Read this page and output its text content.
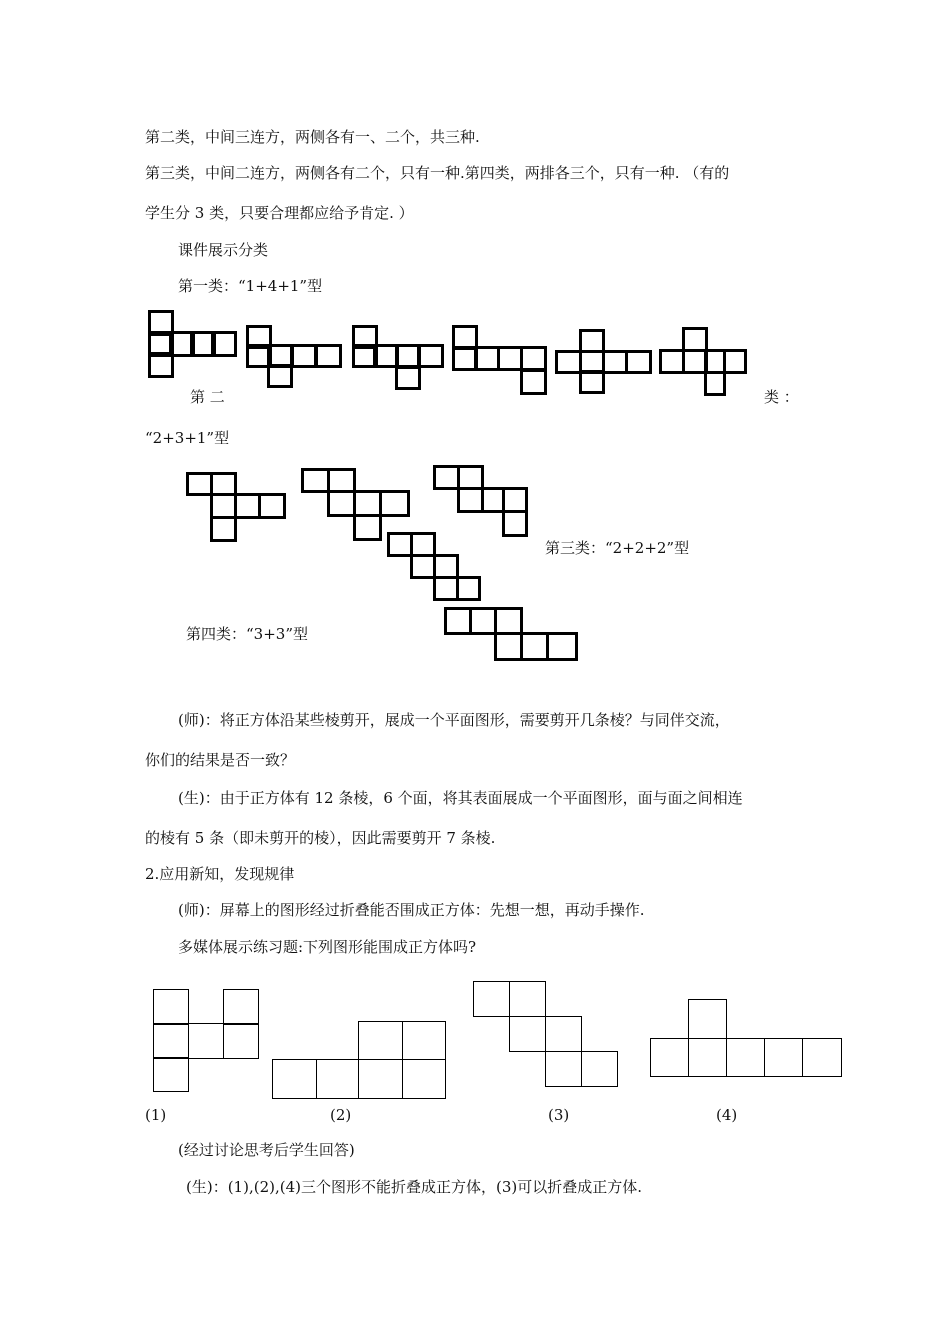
第二类，中间三连方，两侧各有一、二个，共三种.
第三类，中间二连方，两侧各有二个，只有一种.第四类，两排各三个，只有一种. （有的
学生分 3 类，只要合理都应给予肯定. ）
课件展示分类
第一类：“1+4+1”型
第 二	类 ：
“2+3+1”型
第三类：“2+2+2”型
第四类：“3+3”型
(师)：将正方体沿某些棱剪开，展成一个平面图形，需要剪开几条棱？与同伴交流，
你们的结果是否一致？
(生)：由于正方体有 12 条棱，6 个面，将其表面展成一个平面图形，面与面之间相连
的棱有 5 条（即未剪开的棱），因此需要剪开 7 条棱.
2.应用新知，发现规律
(师)：屏幕上的图形经过折叠能否围成正方体：先想一想，再动手操作.
多媒体展示练习题:下列图形能围成正方体吗?
(1)	(2)	(3)	(4)
(经过讨论思考后学生回答)
(生)：(1),(2),(4)三个图形不能折叠成正方体，(3)可以折叠成正方体.
